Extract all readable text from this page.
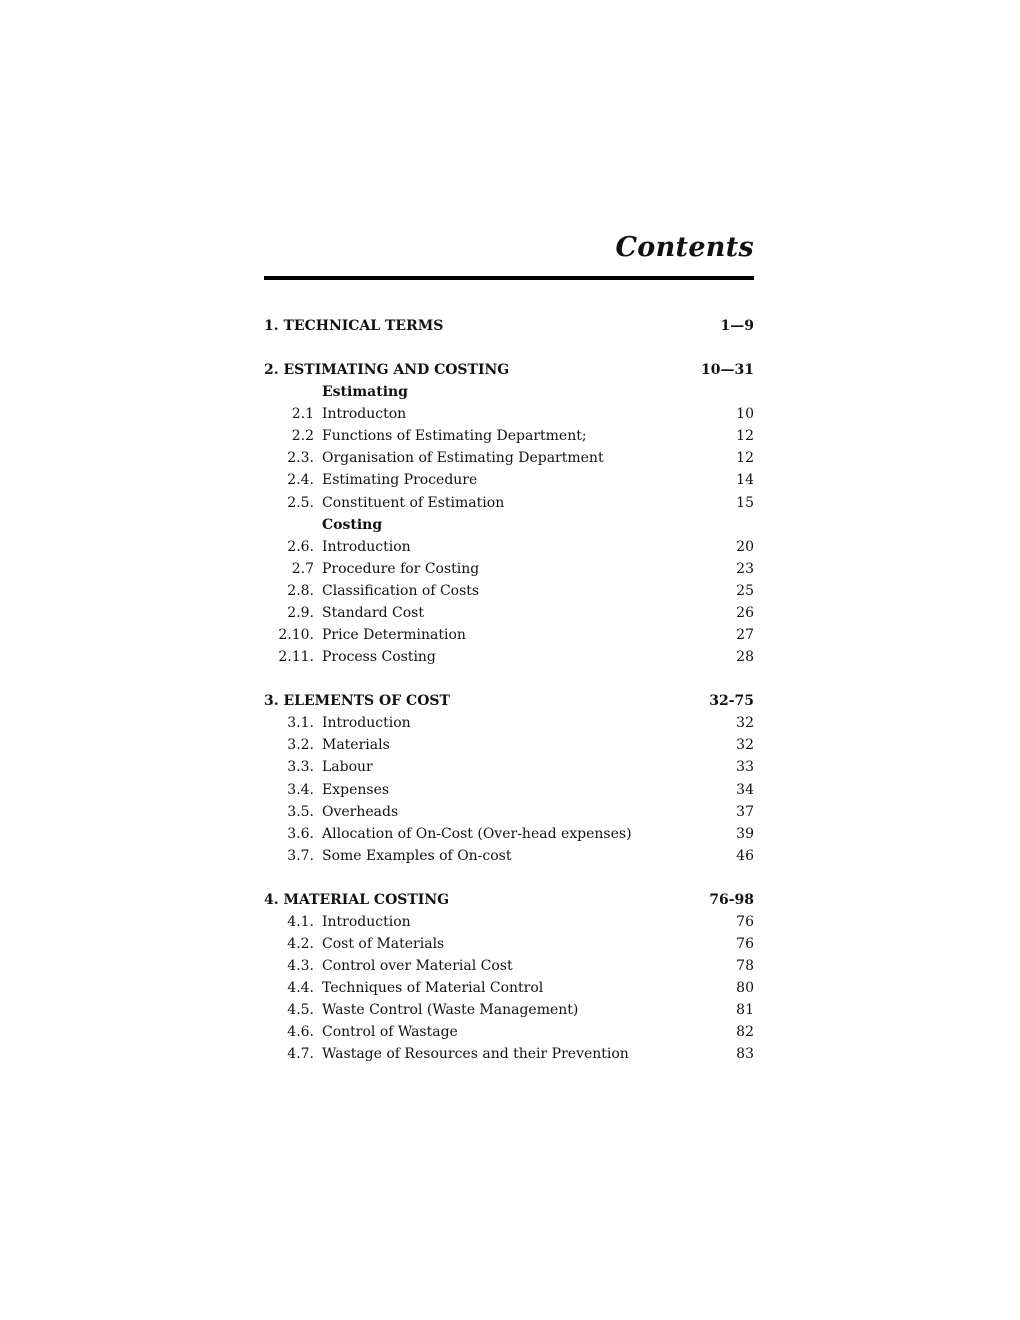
Contents
1. TECHNICAL TERMS	1—9
2. ESTIMATING AND COSTING	10—31
Estimating
2.1 Introducton	10
2.2 Functions of Estimating Department;	12
2.3. Organisation of Estimating Department	12
2.4. Estimating Procedure	14
2.5. Constituent of Estimation	15
Costing
2.6. Introduction	20
2.7 Procedure for Costing	23
2.8. Classification of Costs	25
2.9. Standard Cost	26
2.10. Price Determination	27
2.11. Process Costing	28
3. ELEMENTS OF COST	32-75
3.1. Introduction	32
3.2. Materials	32
3.3. Labour	33
3.4. Expenses	34
3.5. Overheads	37
3.6. Allocation of On-Cost (Over-head expenses)	39
3.7. Some Examples of On-cost	46
4. MATERIAL COSTING	76-98
4.1. Introduction	76
4.2. Cost of Materials	76
4.3. Control over Material Cost	78
4.4. Techniques of Material Control	80
4.5. Waste Control (Waste Management)	81
4.6. Control of Wastage	82
4.7. Wastage of Resources and their Prevention	83
